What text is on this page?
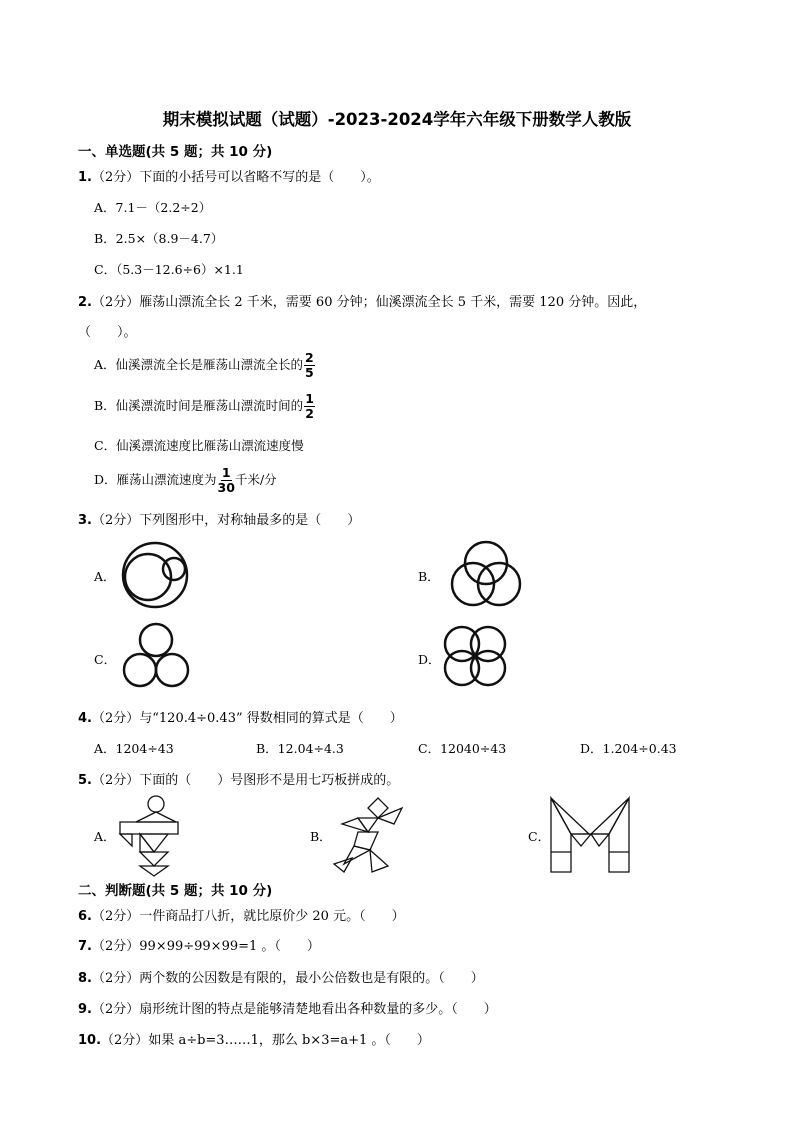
期末模拟试题（试题）-2023-2024学年六年级下册数学人教版
一、单选题(共 5 题；共 10 分)
1.（2分）下面的小括号可以省略不写的是（　　）。
A．7.1－（2.2÷2）
B．2.5×（8.9－4.7）
C．（5.3－12.6÷6）×1.1
2.（2分）雁荡山漂流全长 2 千米，需要 60 分钟；仙溪漂流全长 5 千米，需要 120 分钟。因此，
（　　）。
A．仙溪漂流全长是雁荡山漂流全长的 $\frac{2}{5}$
B．仙溪漂流时间是雁荡山漂流时间的 $\frac{1}{2}$
C．仙溪漂流速度比雁荡山漂流速度慢
D．雁荡山漂流速度为 $\frac{1}{30}$ 千米/分
3.（2分）下列图形中，对称轴最多的是（　　）
A．	B．
C．	D．
4.（2分）与“120.4÷0.43” 得数相同的算式是（　　）
A．1204÷43	B．12.04÷4.3	C．12040÷43	D．1.204÷0.43
5.（2分）下面的（　　）号图形不是用七巧板拼成的。
A．	B．	C．
二、判断题(共 5 题；共 10 分)
6.（2分）一件商品打八折，就比原价少 20 元。（　　）
7.（2分）99×99÷99×99=1 。（　　）
8.（2分）两个数的公因数是有限的，最小公倍数也是有限的。（　　）
9.（2分）扇形统计图的特点是能够清楚地看出各种数量的多少。（　　）
10.（2分）如果 a÷b=3……1，那么 b×3=a+1 。（　　）
